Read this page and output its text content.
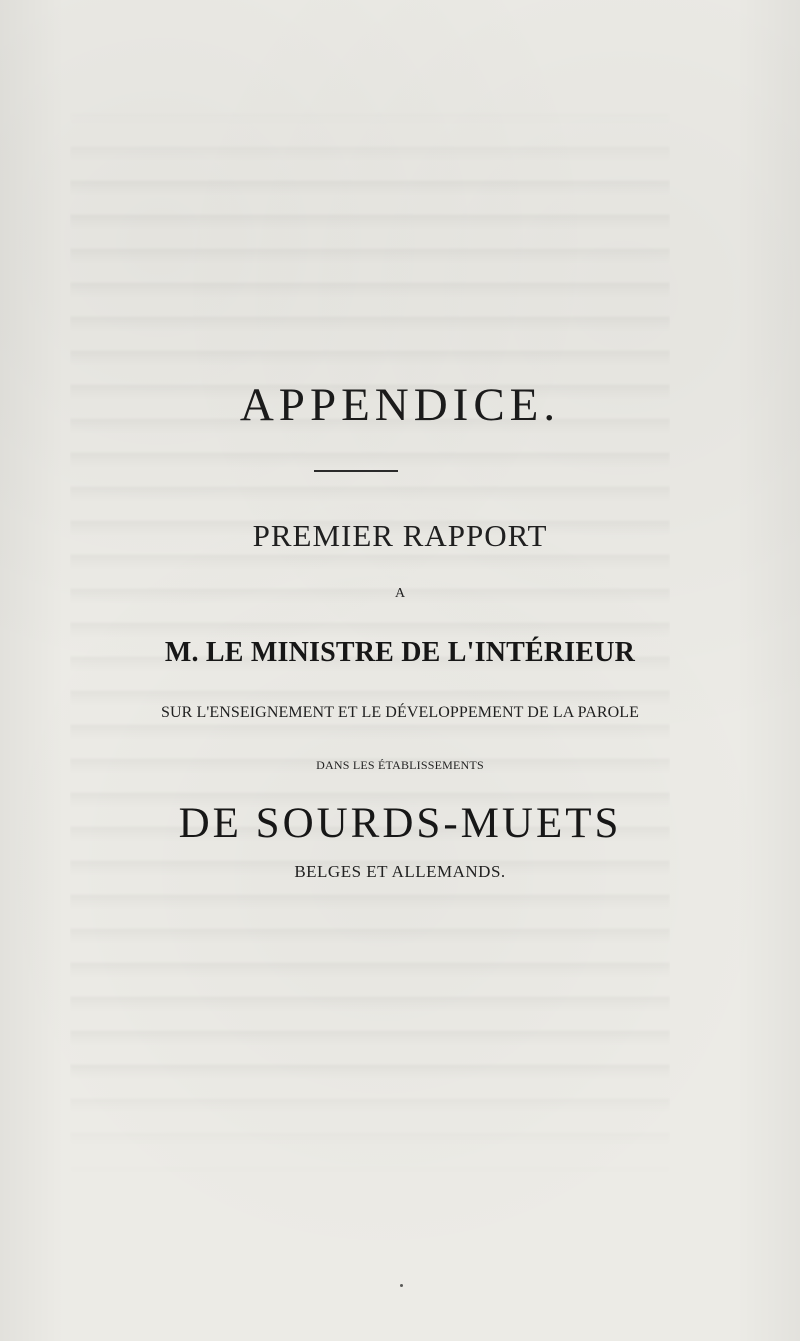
APPENDICE.
PREMIER RAPPORT
A
M. LE MINISTRE DE L'INTÉRIEUR
SUR L'ENSEIGNEMENT ET LE DÉVELOPPEMENT DE LA PAROLE
DANS LES ÉTABLISSEMENTS
DE SOURDS-MUETS
BELGES ET ALLEMANDS.
